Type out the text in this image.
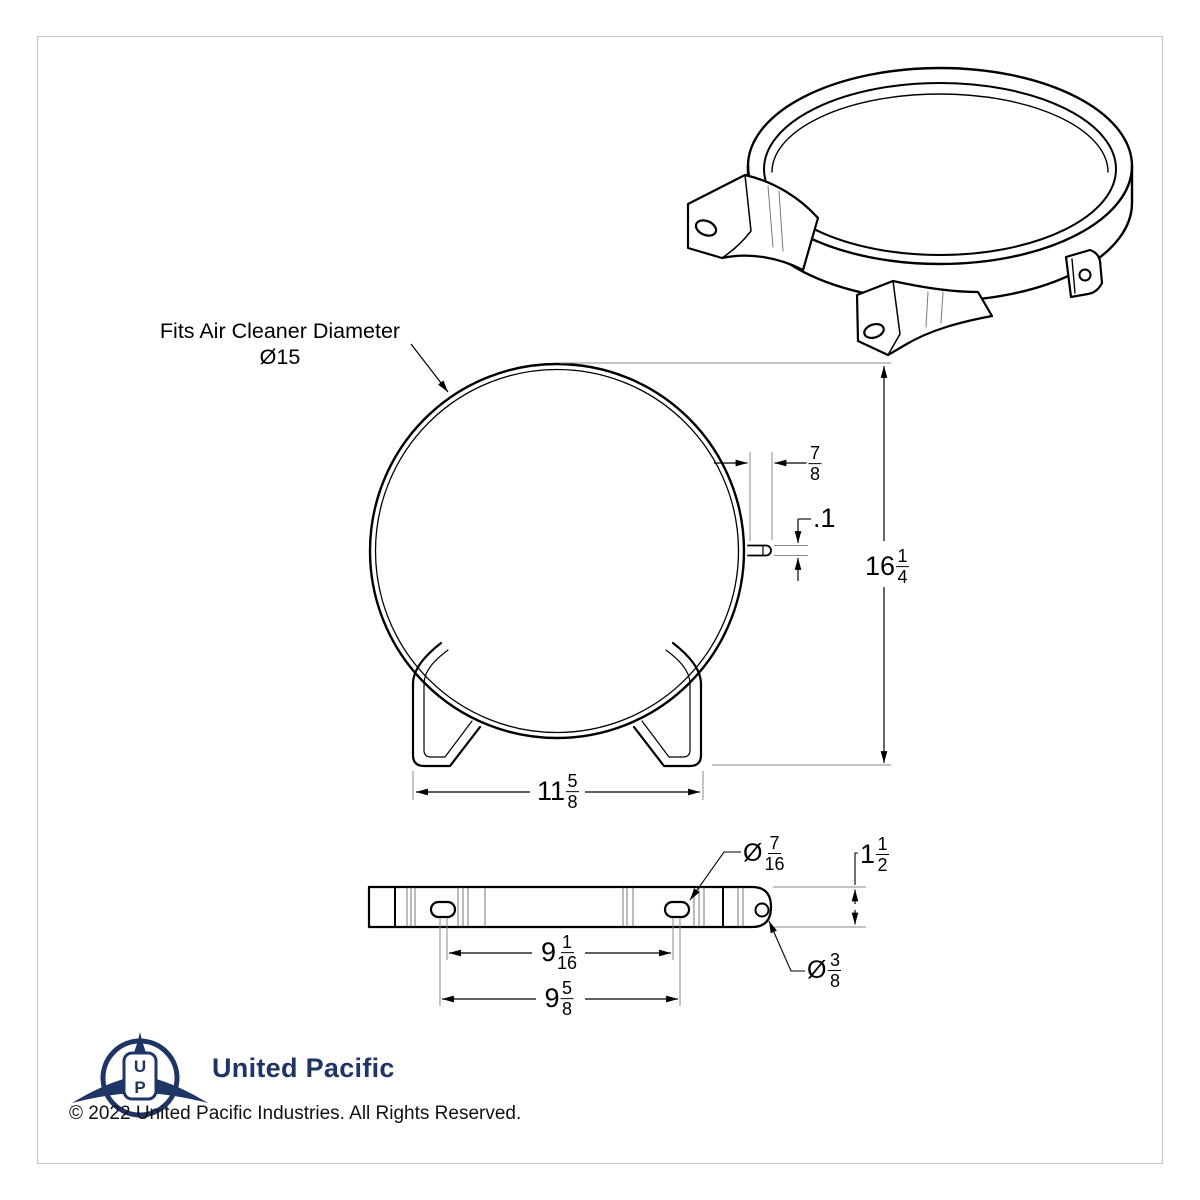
U
P
Fits Air Cleaner Diameter
Ø15
$\frac{7}{8}$
.1
$16 \frac{1}{4}$
$11 \frac{5}{8}$
Ø $\frac{7}{16}$	$1 \frac{1}{2}$
$9 \frac{1}{16}$
$9 \frac{5}{8}$
Ø $\frac{3}{8}$
United Pacific
© 2022 United Pacific Industries. All Rights Reserved.
